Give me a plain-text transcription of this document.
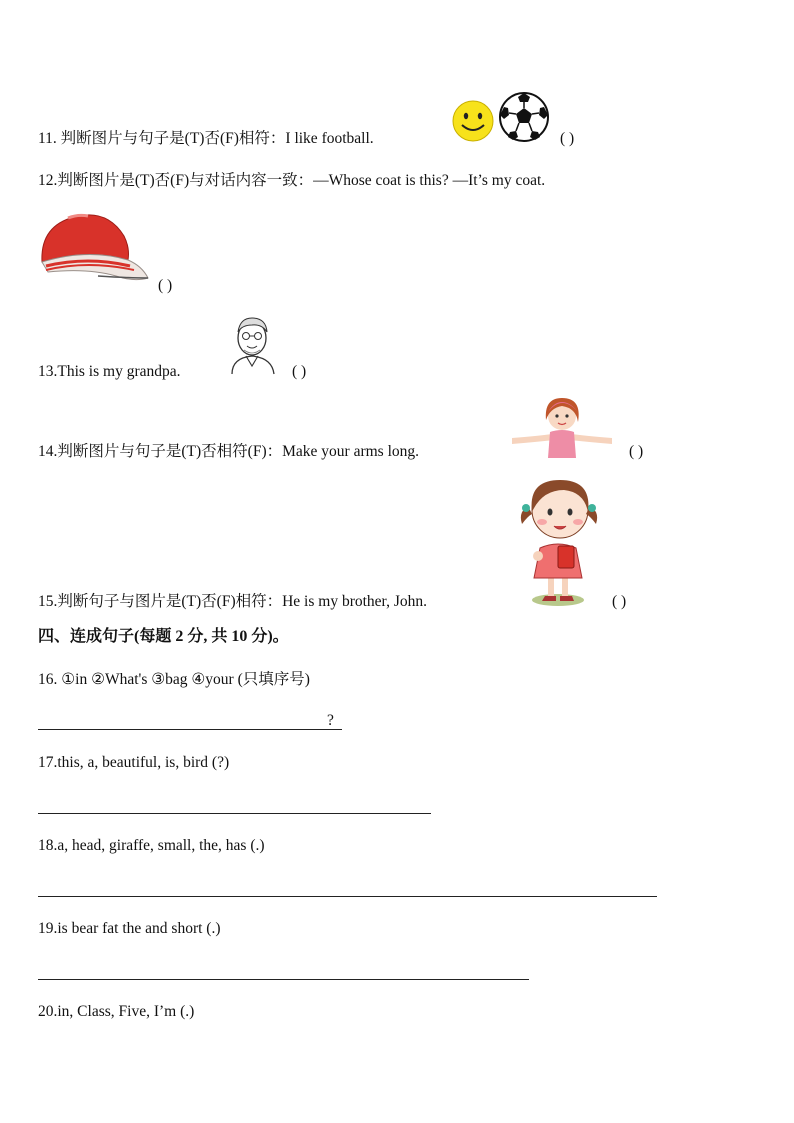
11. 判断图片与句子是(T)否(F)相符：I like football.	( )
12.判断图片是(T)否(F)与对话内容一致：—Whose coat is this? —It’s my coat.
( )
13.This is my grandpa.	( )
14.判断图片与句子是(T)否相符(F)：Make your arms long.	( )
15.判断句子与图片是(T)否(F)相符：He is my brother, John.	( )
四、连成句子(每题 2 分, 共 10 分)。
16. ①in ②What's ③bag ④your (只填序号)
?
17.this, a, beautiful, is, bird (?)
18.a, head, giraffe, small, the, has (.)
19.is bear fat the and short (.)
20.in, Class, Five, I’m (.)
